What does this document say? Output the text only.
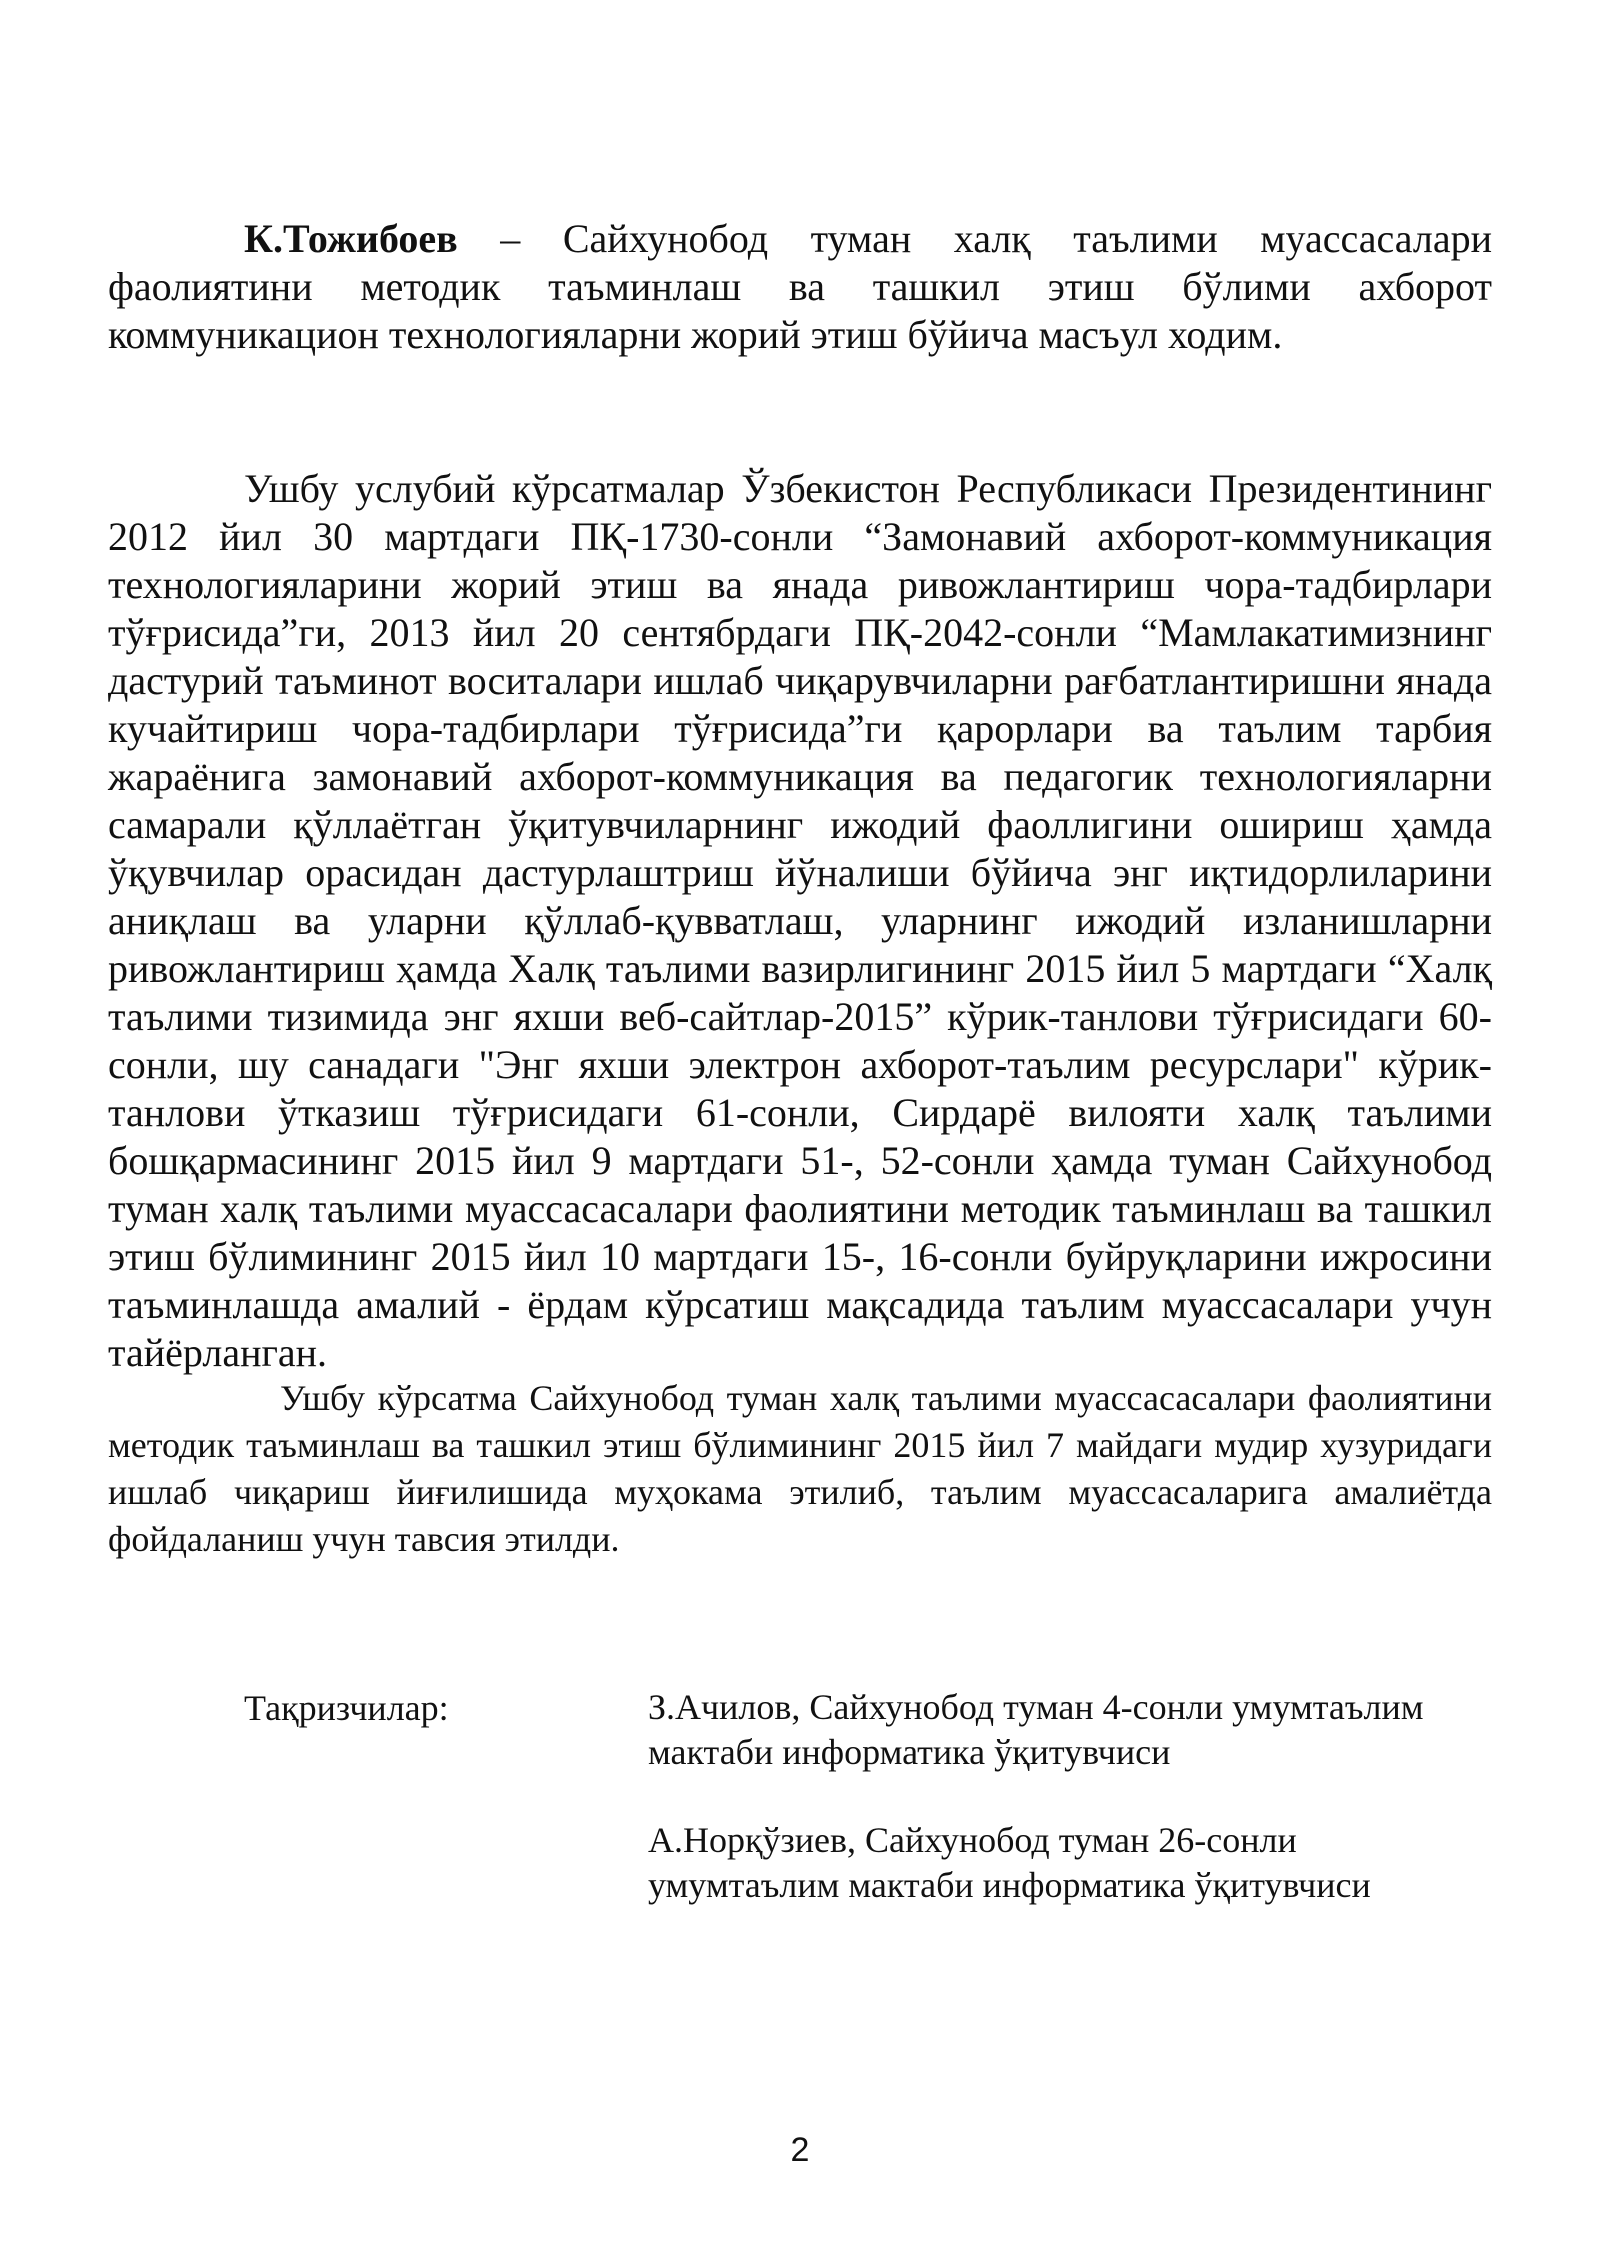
К.Тожибоев – Сайхунобод туман халқ таълими муассасалари фаолиятини методик таъминлаш ва ташкил этиш бўлими ахборот коммуникацион технологияларни жорий этиш бўйича масъул ходим.

Ушбу услубий кўрсатмалар Ўзбекистон Республикаси Президентининг 2012 йил 30 мартдаги ПҚ-1730-сонли “Замонавий ахборот-коммуникация технологияларини жорий этиш ва янада ривожлантириш чора-тадбирлари тўғрисида”ги, 2013 йил 20 сентябрдаги ПҚ-2042-сонли “Мамлакатимизнинг дастурий таъминот воситалари ишлаб чиқарувчиларни рағбатлантиришни янада кучайтириш чора-тадбирлари тўғрисида”ги қарорлари ва таълим тарбия жараёнига замонавий ахборот-коммуникация ва педагогик технологияларни самарали қўллаётган ўқитувчиларнинг ижодий фаоллигини ошириш ҳамда ўқувчилар орасидан дастурлаштриш йўналиши бўйича энг иқтидорлиларини аниқлаш ва уларни қўллаб-қувватлаш, уларнинг ижодий изланишларни ривожлантириш ҳамда Халқ таълими вазирлигининг 2015 йил 5 мартдаги “Халқ таълими тизимида энг яхши веб-сайтлар-2015” кўрик-танлови тўғрисидаги 60-сонли, шу санадаги "Энг яхши электрон ахборот-таълим ресурслари" кўрик-танлови ўтказиш тўғрисидаги 61-сонли, Сирдарё вилояти халқ таълими бошқармасининг 2015 йил 9 мартдаги 51-, 52-сонли ҳамда туман Сайхунобод туман халқ таълими муассасасалари фаолиятини методик таъминлаш ва ташкил этиш бўлимининг 2015 йил 10 мартдаги 15-, 16-сонли буйруқларини ижросини таъминлашда амалий - ёрдам кўрсатиш мақсадида таълим муассасалари учун тайёрланган.

Ушбу кўрсатма Сайхунобод туман халқ таълими муассасасалари фаолиятини методик таъминлаш ва ташкил этиш бўлимининг 2015 йил 7 майдаги мудир хузуридаги ишлаб чиқариш йиғилишида муҳокама этилиб, таълим муассасаларига амалиётда фойдаланиш учун тавсия этилди.

Тақризчилар:	З.Ачилов, Сайхунобод туман 4-сонли умумтаълим
мактаби информатика ўқитувчиси
А.Норқўзиев, Сайхунобод туман 26-сонли
умумтаълим мактаби информатика ўқитувчиси
2
